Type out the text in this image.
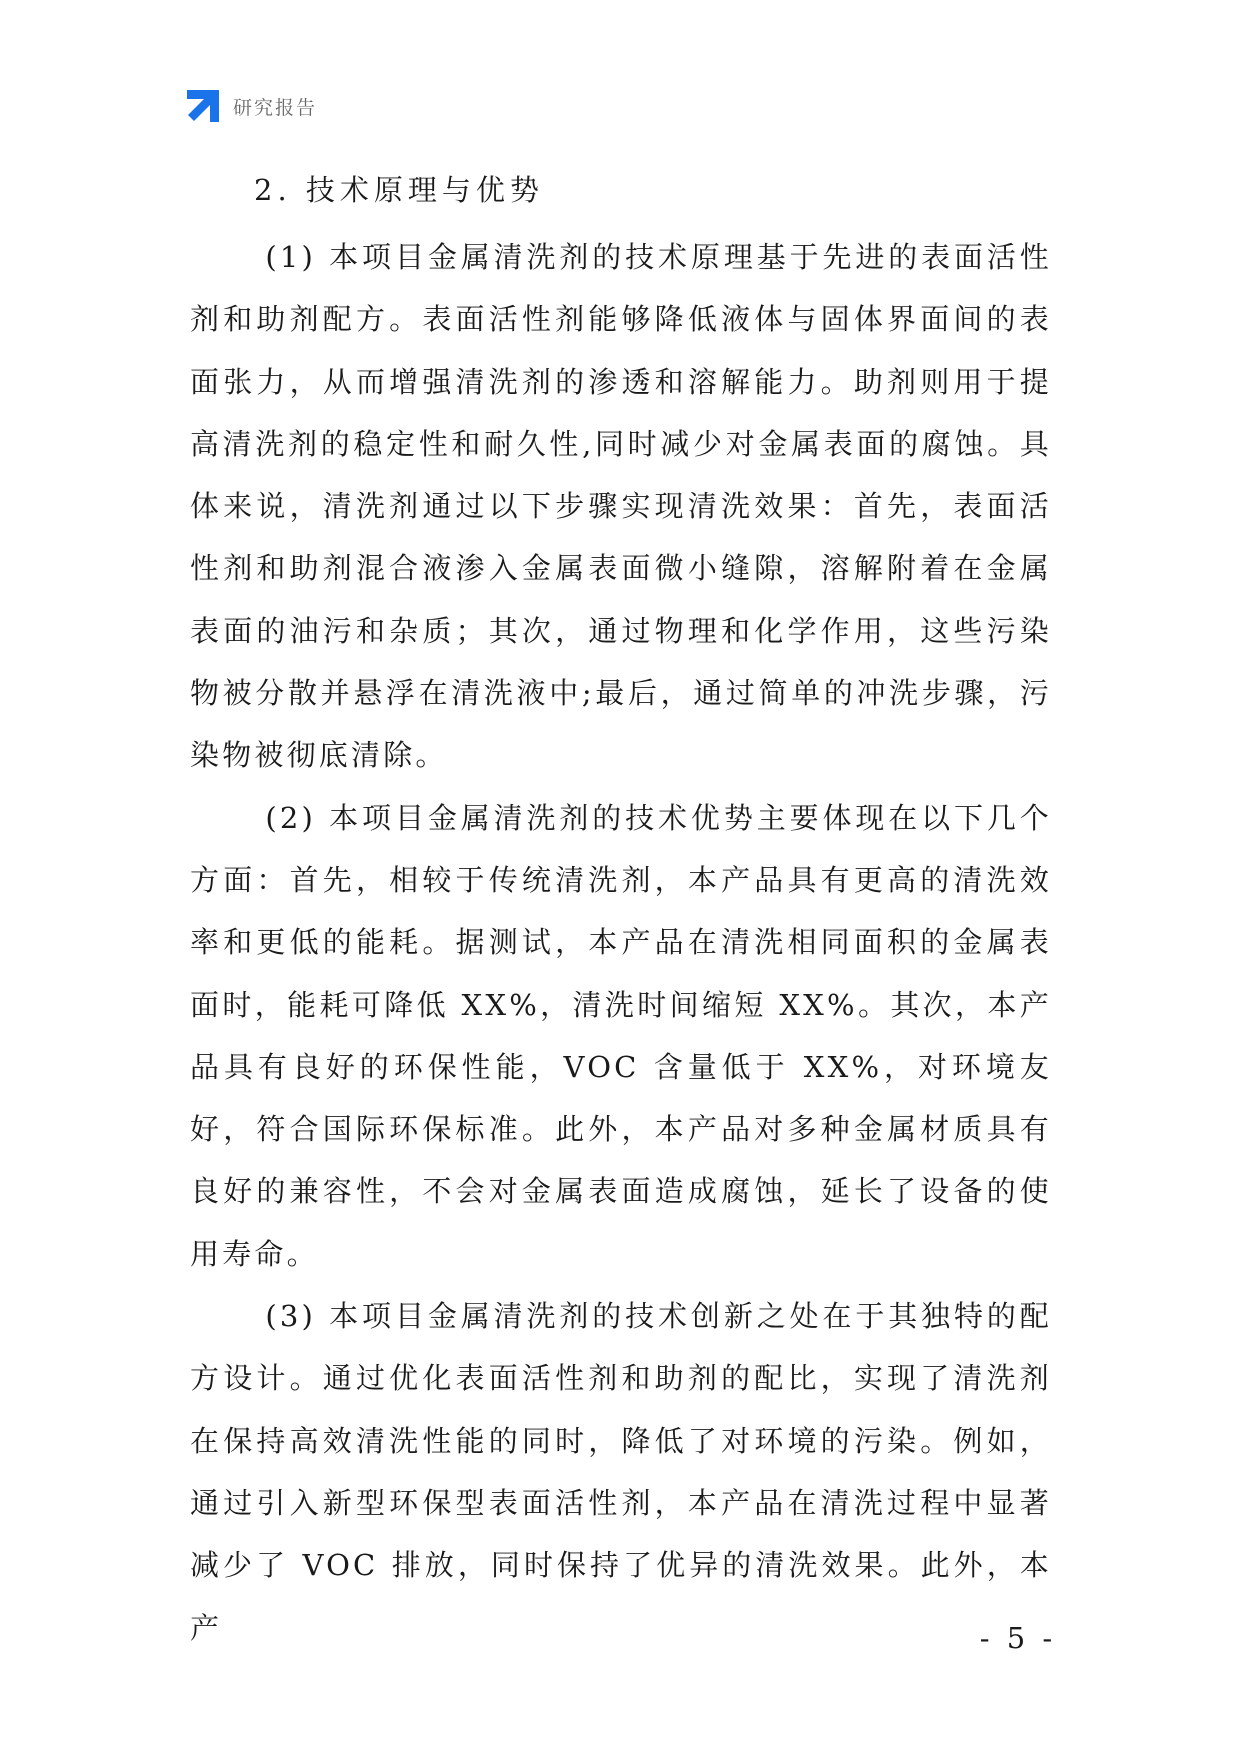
研究报告
2. 技术原理与优势

(1) 本项目金属清洗剂的技术原理基于先进的表面活性剂和助剂配方。表面活性剂能够降低液体与固体界面间的表面张力，从而增强清洗剂的渗透和溶解能力。助剂则用于提高清洗剂的稳定性和耐久性,同时减少对金属表面的腐蚀。具体来说，清洗剂通过以下步骤实现清洗效果：首先，表面活性剂和助剂混合液渗入金属表面微小缝隙，溶解附着在金属表面的油污和杂质；其次，通过物理和化学作用，这些污染物被分散并悬浮在清洗液中;最后，通过简单的冲洗步骤，污染物被彻底清除。

(2) 本项目金属清洗剂的技术优势主要体现在以下几个方面：首先，相较于传统清洗剂，本产品具有更高的清洗效率和更低的能耗。据测试，本产品在清洗相同面积的金属表面时，能耗可降低 XX%，清洗时间缩短 XX%。其次，本产品具有良好的环保性能，VOC 含量低于 XX%，对环境友好，符合国际环保标准。此外，本产品对多种金属材质具有良好的兼容性，不会对金属表面造成腐蚀，延长了设备的使用寿命。

(3) 本项目金属清洗剂的技术创新之处在于其独特的配方设计。通过优化表面活性剂和助剂的配比，实现了清洗剂在保持高效清洗性能的同时，降低了对环境的污染。例如，通过引入新型环保型表面活性剂，本产品在清洗过程中显著减少了 VOC 排放，同时保持了优异的清洗效果。此外，本产	- 5 -
